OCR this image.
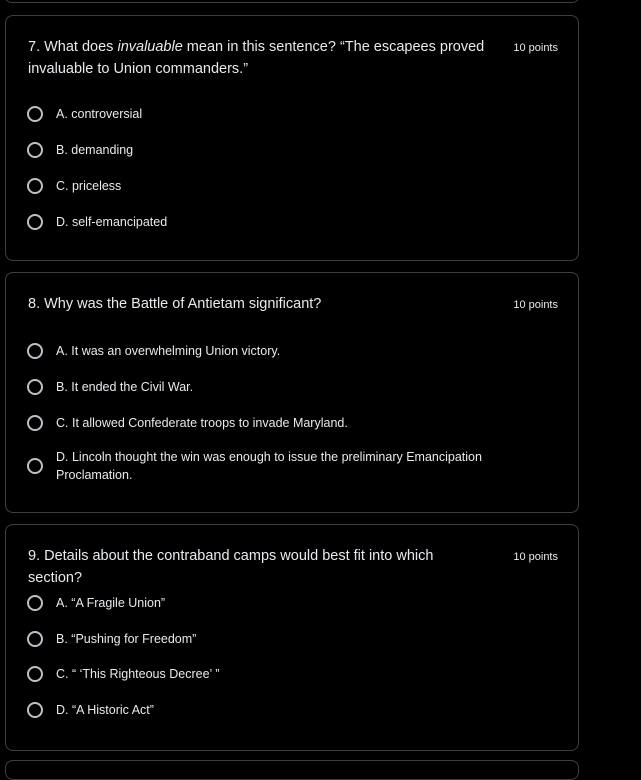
7. What does invaluable mean in this sentence? “The escapees proved invaluable to Union commanders.”
10 points
A. controversial
B. demanding
C. priceless
D. self-emancipated
8. Why was the Battle of Antietam significant?	10 points
A. It was an overwhelming Union victory.
B. It ended the Civil War.
C. It allowed Confederate troops to invade Maryland.
D. Lincoln thought the win was enough to issue the preliminary Emancipation Proclamation.
9. Details about the contraband camps would best fit into which section?
10 points
A. “A Fragile Union”
B. “Pushing for Freedom”
C. “ ‘This Righteous Decree’ ”
D. “A Historic Act”
